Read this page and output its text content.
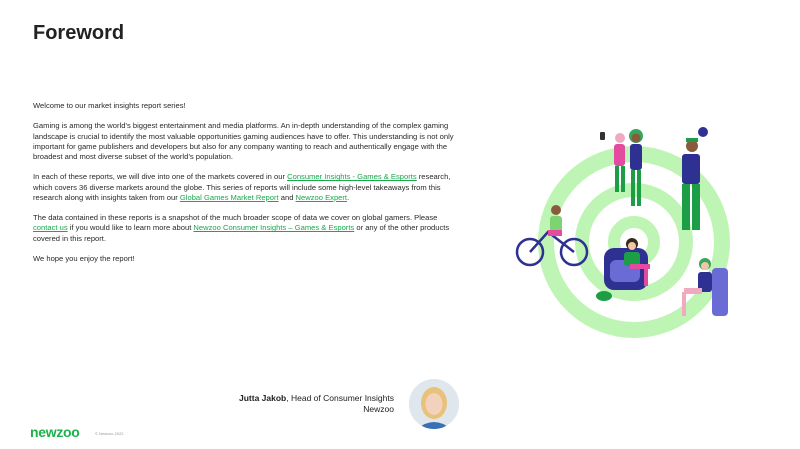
Foreword

Welcome to our market insights report series!

Gaming is among the world’s biggest entertainment and media platforms. An in-depth understanding of the complex gaming landscape is crucial to identify the most valuable opportunities gaming audiences have to offer. This understanding is not only important for game publishers and developers but also for any company wanting to reach and authentically engage with the broadest and most diverse subset of the world’s population.

In each of these reports, we will dive into one of the markets covered in our Consumer Insights - Games & Esports research, which covers 36 diverse markets around the globe. This series of reports will include some high-level takeaways from this research along with insights taken from our Global Games Market Report and Newzoo Expert.

The data contained in these reports is a snapshot of the much broader scope of data we cover on global gamers. Please contact us if you would like to learn more about Newzoo Consumer Insights – Games & Esports or any of the other products covered in this report.

We hope you enjoy the report!

Jutta Jakob, Head of Consumer Insights
Newzoo
newzoo	© Newzoo 2022
